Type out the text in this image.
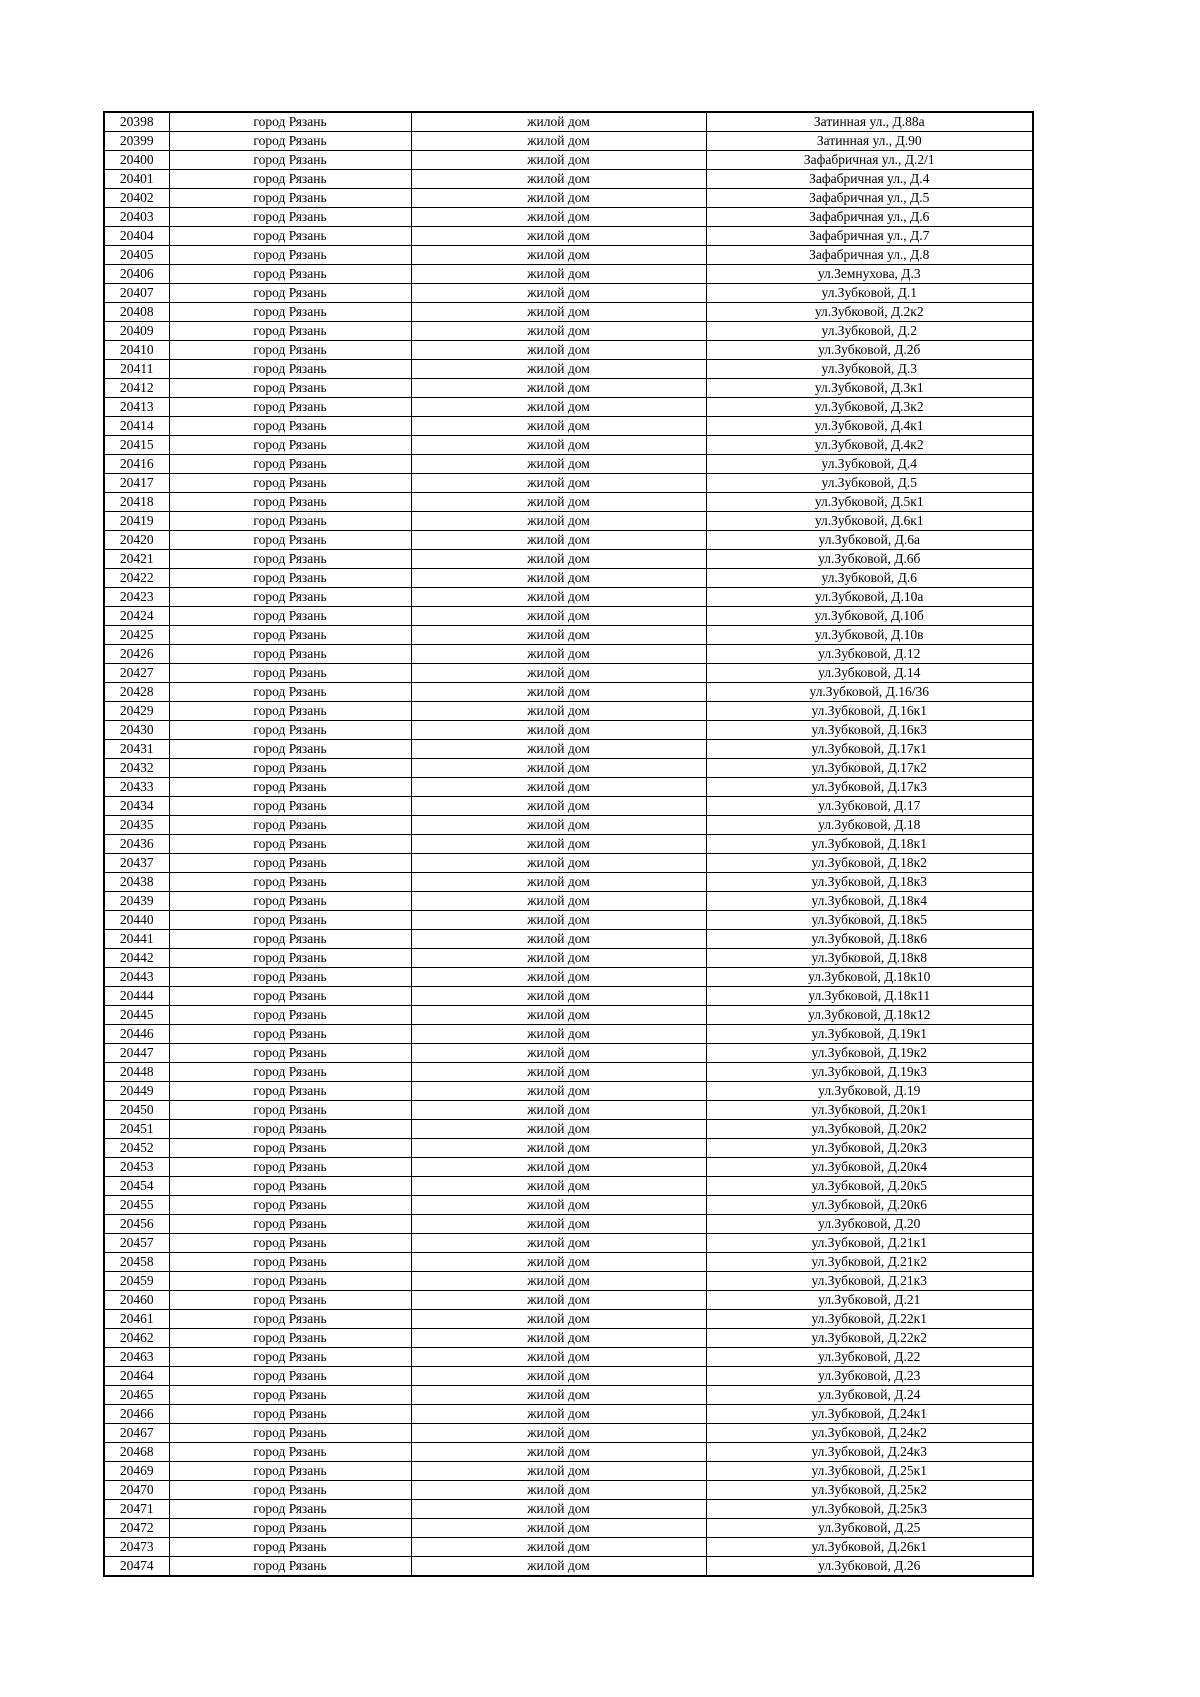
20398	город Рязань	жилой дом	Затинная ул., Д.88а
20399	город Рязань	жилой дом	Затинная ул., Д.90
20400	город Рязань	жилой дом	Зафабричная ул., Д.2/1
20401	город Рязань	жилой дом	Зафабричная ул., Д.4
20402	город Рязань	жилой дом	Зафабричная ул., Д.5
20403	город Рязань	жилой дом	Зафабричная ул., Д.6
20404	город Рязань	жилой дом	Зафабричная ул., Д.7
20405	город Рязань	жилой дом	Зафабричная ул., Д.8
20406	город Рязань	жилой дом	ул.Земнухова, Д.3
20407	город Рязань	жилой дом	ул.Зубковой, Д.1
20408	город Рязань	жилой дом	ул.Зубковой, Д.2к2
20409	город Рязань	жилой дом	ул.Зубковой, Д.2
20410	город Рязань	жилой дом	ул.Зубковой, Д.2б
20411	город Рязань	жилой дом	ул.Зубковой, Д.3
20412	город Рязань	жилой дом	ул.Зубковой, Д.3к1
20413	город Рязань	жилой дом	ул.Зубковой, Д.3к2
20414	город Рязань	жилой дом	ул.Зубковой, Д.4к1
20415	город Рязань	жилой дом	ул.Зубковой, Д.4к2
20416	город Рязань	жилой дом	ул.Зубковой, Д.4
20417	город Рязань	жилой дом	ул.Зубковой, Д.5
20418	город Рязань	жилой дом	ул.Зубковой, Д.5к1
20419	город Рязань	жилой дом	ул.Зубковой, Д.6к1
20420	город Рязань	жилой дом	ул.Зубковой, Д.6а
20421	город Рязань	жилой дом	ул.Зубковой, Д.6б
20422	город Рязань	жилой дом	ул.Зубковой, Д.6
20423	город Рязань	жилой дом	ул.Зубковой, Д.10а
20424	город Рязань	жилой дом	ул.Зубковой, Д.10б
20425	город Рязань	жилой дом	ул.Зубковой, Д.10в
20426	город Рязань	жилой дом	ул.Зубковой, Д.12
20427	город Рязань	жилой дом	ул.Зубковой, Д.14
20428	город Рязань	жилой дом	ул.Зубковой, Д.16/36
20429	город Рязань	жилой дом	ул.Зубковой, Д.16к1
20430	город Рязань	жилой дом	ул.Зубковой, Д.16к3
20431	город Рязань	жилой дом	ул.Зубковой, Д.17к1
20432	город Рязань	жилой дом	ул.Зубковой, Д.17к2
20433	город Рязань	жилой дом	ул.Зубковой, Д.17к3
20434	город Рязань	жилой дом	ул.Зубковой, Д.17
20435	город Рязань	жилой дом	ул.Зубковой, Д.18
20436	город Рязань	жилой дом	ул.Зубковой, Д.18к1
20437	город Рязань	жилой дом	ул.Зубковой, Д.18к2
20438	город Рязань	жилой дом	ул.Зубковой, Д.18к3
20439	город Рязань	жилой дом	ул.Зубковой, Д.18к4
20440	город Рязань	жилой дом	ул.Зубковой, Д.18к5
20441	город Рязань	жилой дом	ул.Зубковой, Д.18к6
20442	город Рязань	жилой дом	ул.Зубковой, Д.18к8
20443	город Рязань	жилой дом	ул.Зубковой, Д.18к10
20444	город Рязань	жилой дом	ул.Зубковой, Д.18к11
20445	город Рязань	жилой дом	ул.Зубковой, Д.18к12
20446	город Рязань	жилой дом	ул.Зубковой, Д.19к1
20447	город Рязань	жилой дом	ул.Зубковой, Д.19к2
20448	город Рязань	жилой дом	ул.Зубковой, Д.19к3
20449	город Рязань	жилой дом	ул.Зубковой, Д.19
20450	город Рязань	жилой дом	ул.Зубковой, Д.20к1
20451	город Рязань	жилой дом	ул.Зубковой, Д.20к2
20452	город Рязань	жилой дом	ул.Зубковой, Д.20к3
20453	город Рязань	жилой дом	ул.Зубковой, Д.20к4
20454	город Рязань	жилой дом	ул.Зубковой, Д.20к5
20455	город Рязань	жилой дом	ул.Зубковой, Д.20к6
20456	город Рязань	жилой дом	ул.Зубковой, Д.20
20457	город Рязань	жилой дом	ул.Зубковой, Д.21к1
20458	город Рязань	жилой дом	ул.Зубковой, Д.21к2
20459	город Рязань	жилой дом	ул.Зубковой, Д.21к3
20460	город Рязань	жилой дом	ул.Зубковой, Д.21
20461	город Рязань	жилой дом	ул.Зубковой, Д.22к1
20462	город Рязань	жилой дом	ул.Зубковой, Д.22к2
20463	город Рязань	жилой дом	ул.Зубковой, Д.22
20464	город Рязань	жилой дом	ул.Зубковой, Д.23
20465	город Рязань	жилой дом	ул.Зубковой, Д.24
20466	город Рязань	жилой дом	ул.Зубковой, Д.24к1
20467	город Рязань	жилой дом	ул.Зубковой, Д.24к2
20468	город Рязань	жилой дом	ул.Зубковой, Д.24к3
20469	город Рязань	жилой дом	ул.Зубковой, Д.25к1
20470	город Рязань	жилой дом	ул.Зубковой, Д.25к2
20471	город Рязань	жилой дом	ул.Зубковой, Д.25к3
20472	город Рязань	жилой дом	ул.Зубковой, Д.25
20473	город Рязань	жилой дом	ул.Зубковой, Д.26к1
20474	город Рязань	жилой дом	ул.Зубковой, Д.26
